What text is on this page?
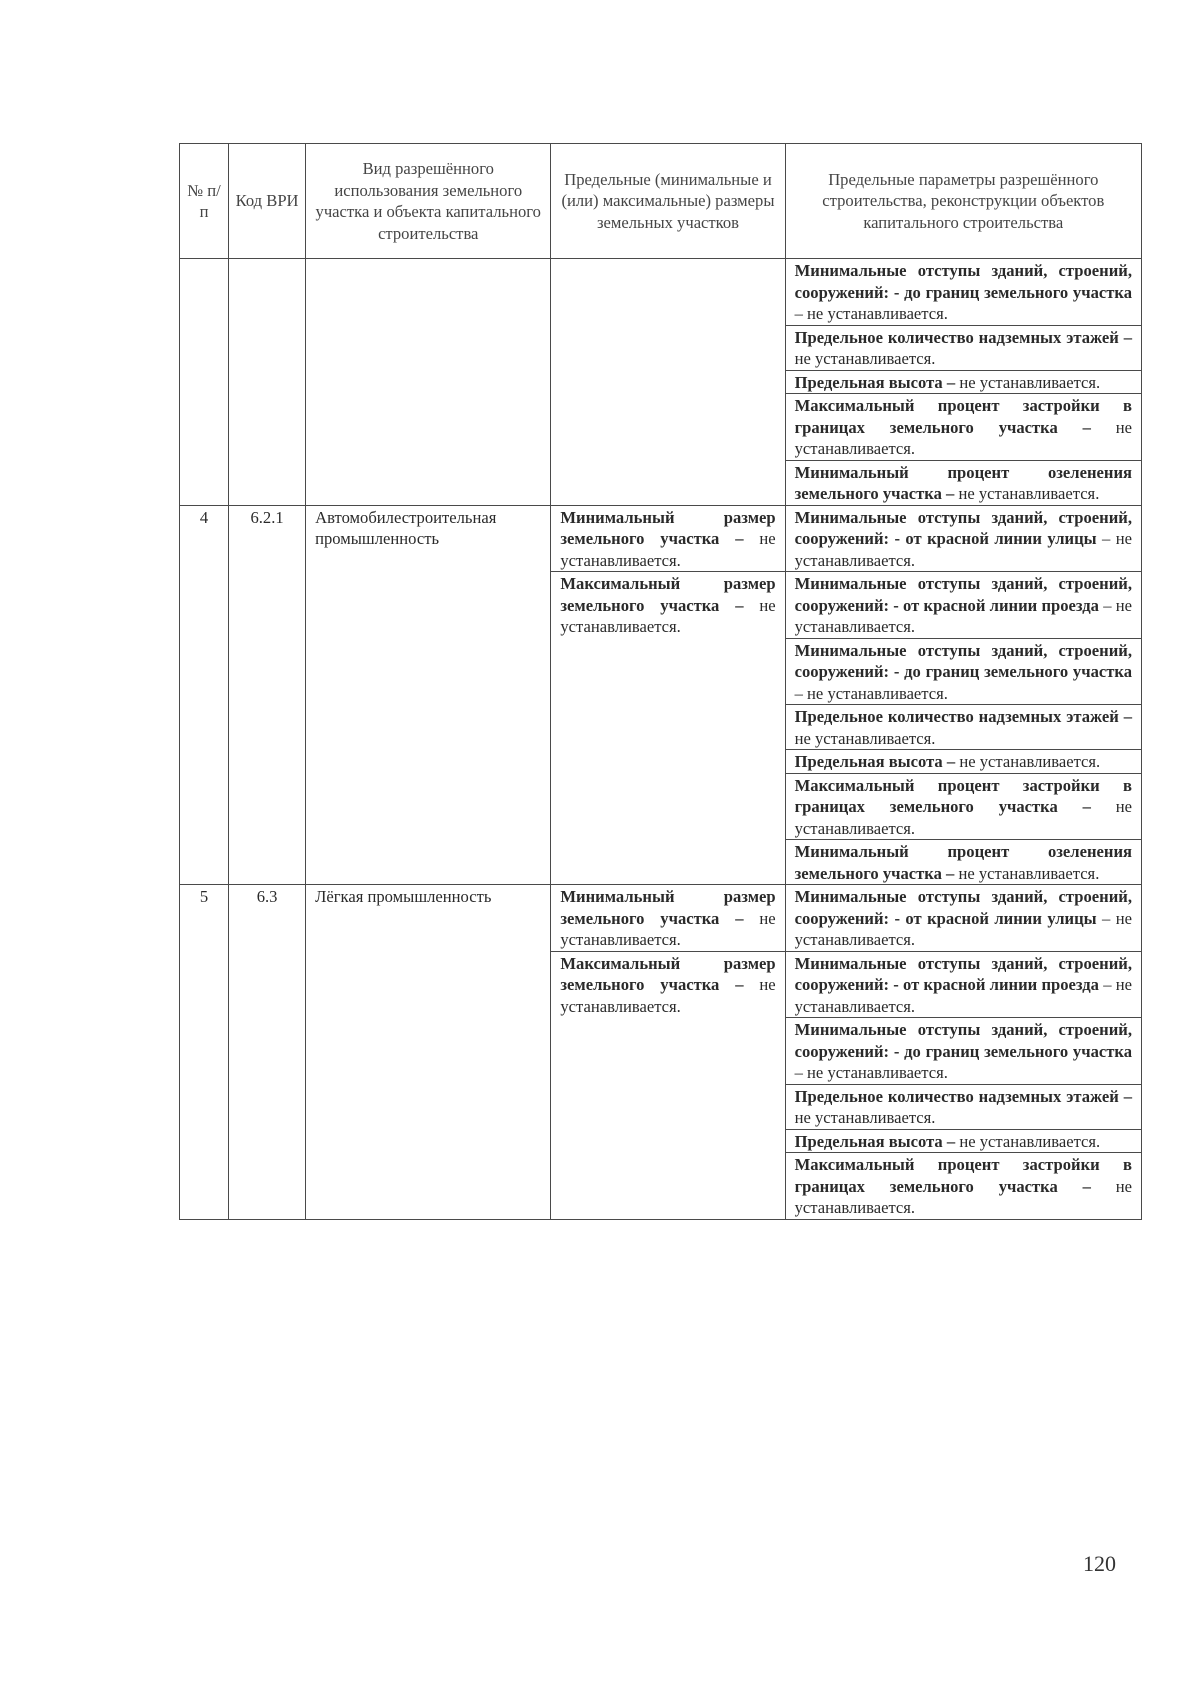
№ п/п	Код ВРИ	Вид разрешённого использования земельного участка и объекта капитального строительства	Предельные (минимальные и (или) максимальные) размеры земельных участков	Предельные параметры разрешённого строительства, реконструкции объектов капитального строительства
				Минимальные отступы зданий, строений, сооружений: - до границ земельного участка – не устанавливается.
				Предельное количество надземных этажей – не устанавливается.
				Предельная высота – не устанавливается.
				Максимальный процент застройки в границах земельного участка – не устанавливается.
				Минимальный процент озеленения земельного участка – не устанавливается.
4	6.2.1	Автомобилестроительная промышленность	Минимальный размер земельного участка – не устанавливается.	Минимальные отступы зданий, строений, сооружений: - от красной линии улицы – не устанавливается.
			Максимальный размер земельного участка – не устанавливается.	Минимальные отступы зданий, строений, сооружений: - от красной линии проезда – не устанавливается.
				Минимальные отступы зданий, строений, сооружений: - до границ земельного участка – не устанавливается.
				Предельное количество надземных этажей – не устанавливается.
				Предельная высота – не устанавливается.
				Максимальный процент застройки в границах земельного участка – не устанавливается.
				Минимальный процент озеленения земельного участка – не устанавливается.
5	6.3	Лёгкая промышленность	Минимальный размер земельного участка – не устанавливается.	Минимальные отступы зданий, строений, сооружений: - от красной линии улицы – не устанавливается.
			Максимальный размер земельного участка – не устанавливается.	Минимальные отступы зданий, строений, сооружений: - от красной линии проезда – не устанавливается.
				Минимальные отступы зданий, строений, сооружений: - до границ земельного участка – не устанавливается.
				Предельное количество надземных этажей – не устанавливается.
				Предельная высота – не устанавливается.
				Максимальный процент застройки в границах земельного участка – не устанавливается.
120
